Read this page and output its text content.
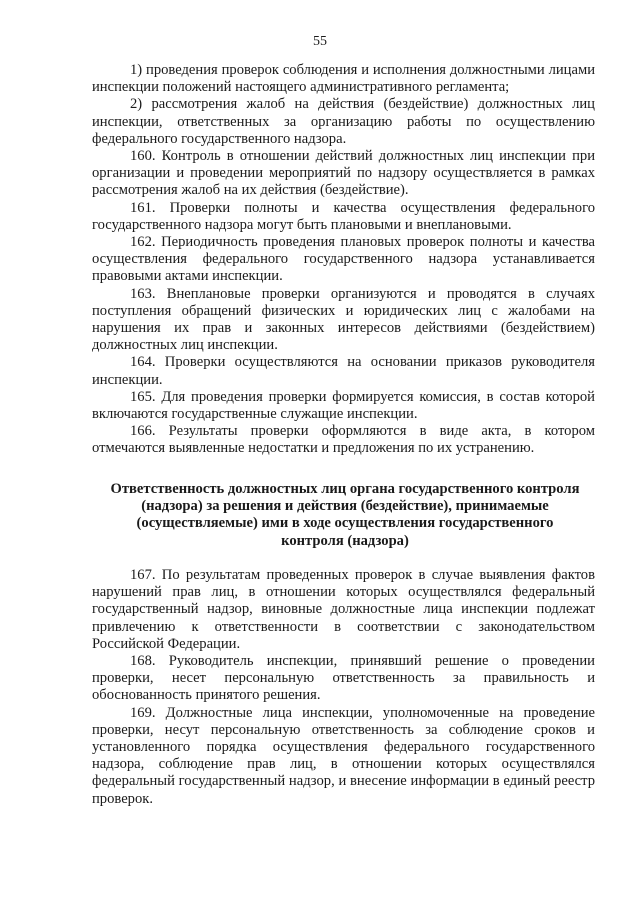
55

1) проведения проверок соблюдения и исполнения должностными лицами инспекции положений настоящего административного регламента;

2) рассмотрения жалоб на действия (бездействие) должностных лиц инспекции, ответственных за организацию работы по осуществлению федерального государственного надзора.

160. Контроль в отношении действий должностных лиц инспекции при организации и проведении мероприятий по надзору осуществляется в рамках рассмотрения жалоб на их действия (бездействие).

161. Проверки полноты и качества осуществления федерального государственного надзора могут быть плановыми и внеплановыми.

162. Периодичность проведения плановых проверок полноты и качества осуществления федерального государственного надзора устанавливается правовыми актами инспекции.

163. Внеплановые проверки организуются и проводятся в случаях поступления обращений физических и юридических лиц с жалобами на нарушения их прав и законных интересов действиями (бездействием) должностных лиц инспекции.

164. Проверки осуществляются на основании приказов руководителя инспекции.

165. Для проведения проверки формируется комиссия, в состав которой включаются государственные служащие инспекции.

166. Результаты проверки оформляются в виде акта, в котором отмечаются выявленные недостатки и предложения по их устранению.

Ответственность должностных лиц органа государственного контроля (надзора) за решения и действия (бездействие), принимаемые (осуществляемые) ими в ходе осуществления государственного контроля (надзора)

167. По результатам проведенных проверок в случае выявления фактов нарушений прав лиц, в отношении которых осуществлялся федеральный государственный надзор, виновные должностные лица инспекции подлежат привлечению к ответственности в соответствии с законодательством Российской Федерации.

168. Руководитель инспекции, принявший решение о проведении проверки, несет персональную ответственность за правильность и обоснованность принятого решения.

169. Должностные лица инспекции, уполномоченные на проведение проверки, несут персональную ответственность за соблюдение сроков и установленного порядка осуществления федерального государственного надзора, соблюдение прав лиц, в отношении которых осуществлялся федеральный государственный надзор, и внесение информации в единый реестр проверок.
